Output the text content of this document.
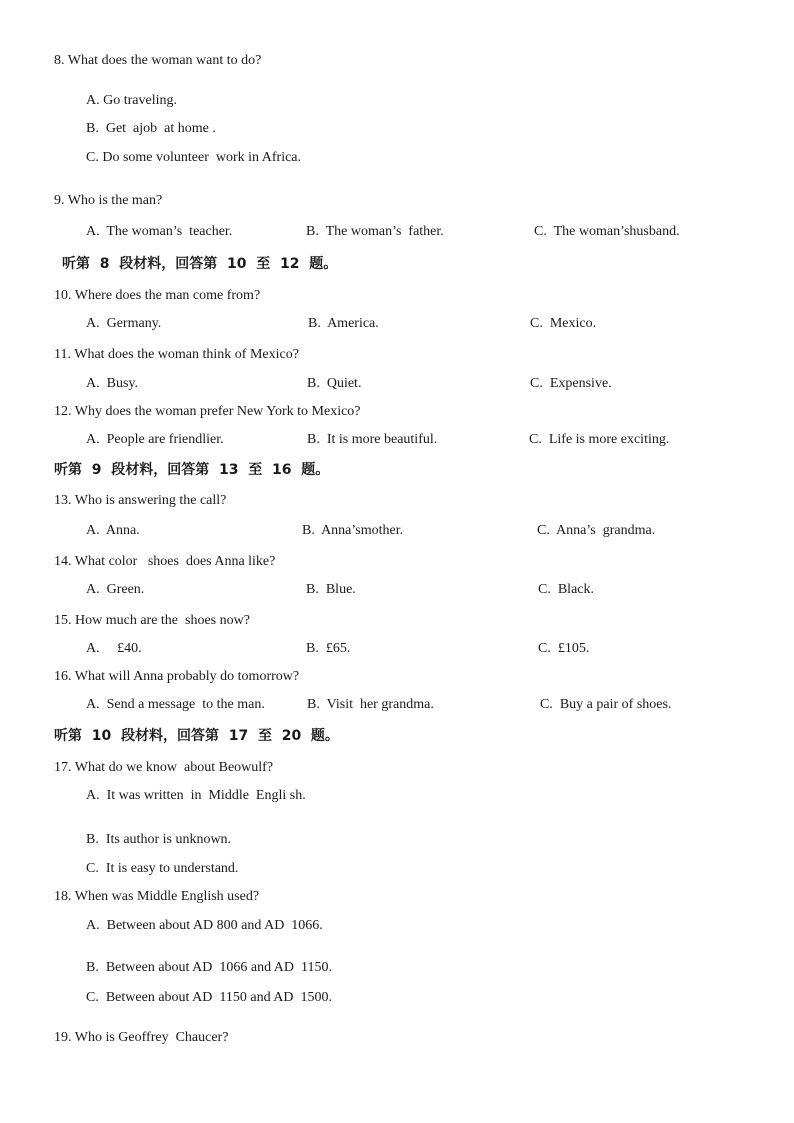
8. What does the woman want to do?
A. Go traveling.
B.  Get  ajob  at home .
C. Do some volunteer  work in Africa.
9. Who is the man?
A.  The woman’s  teacher.	B.  The woman’s  father.	C.  The woman’shusband.
听第  8  段材料，回答第  10  至  12  题。
10. Where does the man come from?
A.  Germany.	B.  America.	C.  Mexico.
11. What does the woman think of Mexico?
A.  Busy.	B.  Quiet.	C.  Expensive.
12. Why does the woman prefer New York to Mexico?
A.  People are friendlier.	B.  It is more beautiful.	C.  Life is more exciting.
听第  9  段材料，回答第  13  至  16  题。
13. Who is answering the call?
A.  Anna.	B.  Anna’smother.	C.  Anna’s  grandma.
14. What color   shoes  does Anna like?
A.  Green.	B.  Blue.	C.  Black.
15. How much are the  shoes now?
A.     £40.	B.  £65.	C.  £105.
16. What will Anna probably do tomorrow?
A.  Send a message  to the man.	B.  Visit  her grandma.	C.  Buy a pair of shoes.
听第  10  段材料，回答第  17  至  20  题。
17. What do we know  about Beowulf?
A.  It was written  in  Middle  Engli sh.
B.  Its author is unknown.
C.  It is easy to understand.
18. When was Middle English used?
A.  Between about AD 800 and AD  1066.
B.  Between about AD  1066 and AD  1150.
C.  Between about AD  1150 and AD  1500.
19. Who is Geoffrey  Chaucer?
